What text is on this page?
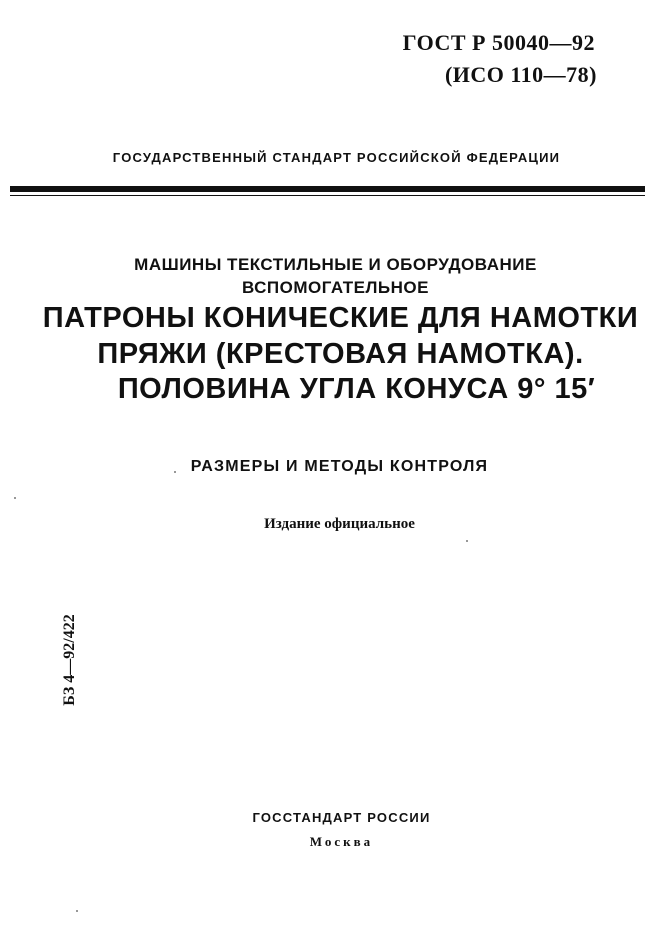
ГОСТ Р 50040—92
(ИСО 110—78)
ГОСУДАРСТВЕННЫЙ СТАНДАРТ РОССИЙСКОЙ ФЕДЕРАЦИИ
МАШИНЫ ТЕКСТИЛЬНЫЕ И ОБОРУДОВАНИЕ
ВСПОМОГАТЕЛЬНОЕ
ПАТРОНЫ КОНИЧЕСКИЕ ДЛЯ НАМОТКИ
ПРЯЖИ (КРЕСТОВАЯ НАМОТКА).
ПОЛОВИНА УГЛА КОНУСА 9° 15′
РАЗМЕРЫ И МЕТОДЫ КОНТРОЛЯ
Издание официальное
БЗ 4—92/422
ГОССТАНДАРТ РОССИИ
Москва
